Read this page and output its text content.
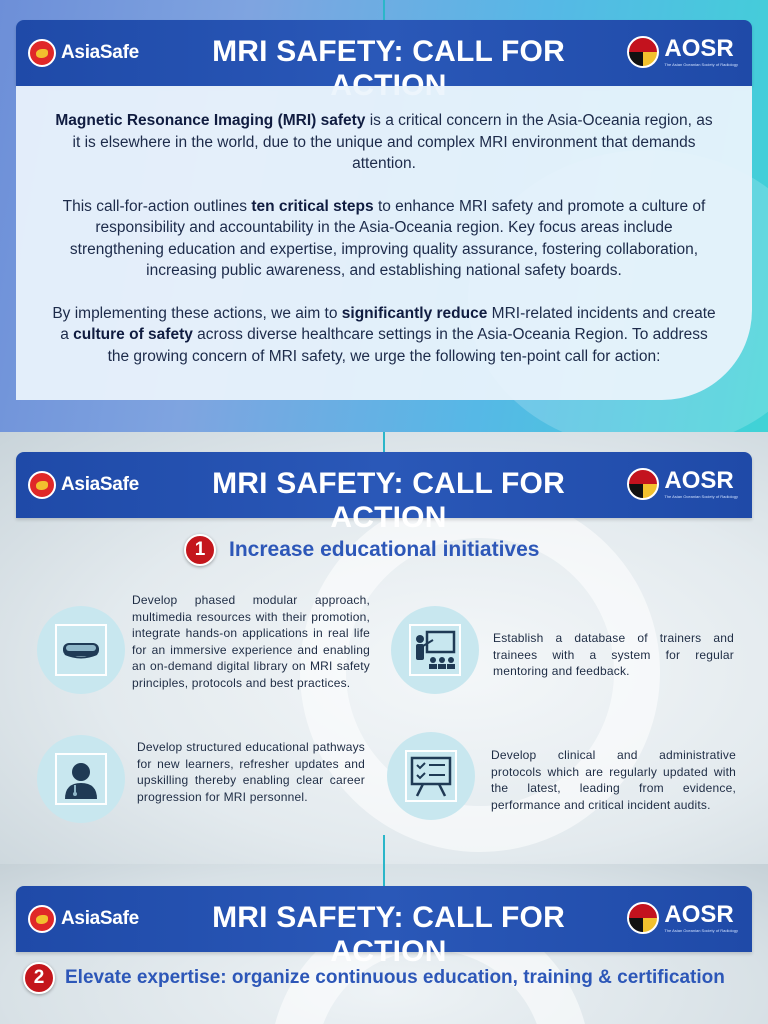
AsiaSafe	MRI SAFETY: CALL FOR	AOSR
The Asian Oceanian Society of Radiology

Magnetic Resonance Imaging (MRI) safety is a critical concern in the Asia-Oceania region, as it is elsewhere in the world, due to the unique and complex MRI environment that demands attention.

This call-for-action outlines ten critical steps to enhance MRI safety and promote a culture of responsibility and accountability in the Asia-Oceania region. Key focus areas include strengthening education and expertise, improving quality assurance, fostering collaboration, increasing public awareness, and establishing national safety boards.

By implementing these actions, we aim to significantly reduce MRI-related incidents and create a culture of safety across diverse healthcare settings in the Asia-Oceania Region. To address the growing concern of MRI safety, we urge the following ten-point call for action:

AsiaSafe	MRI SAFETY: CALL FOR ACTION
AOSR
The Asian Oceanian Society of Radiology
1	Increase educational initiatives
Develop phased modular approach, multimedia resources with their promotion, integrate hands-on applications in real life for an immersive experience and enabling an on-demand digital library on MRI safety principles, protocols and best practices.
Establish a database of trainers and trainees with a system for regular mentoring and feedback.
Develop structured educational pathways for new learners, refresher updates and upskilling thereby enabling clear career progression for MRI personnel.
Develop clinical and administrative protocols which are regularly updated with the latest, leading from evidence, performance and critical incident audits.
AsiaSafe	MRI SAFETY: CALL FOR ACTION
AOSR
The Asian Oceanian Society of Radiology
2	Elevate expertise: organize continuous education, training & certification
